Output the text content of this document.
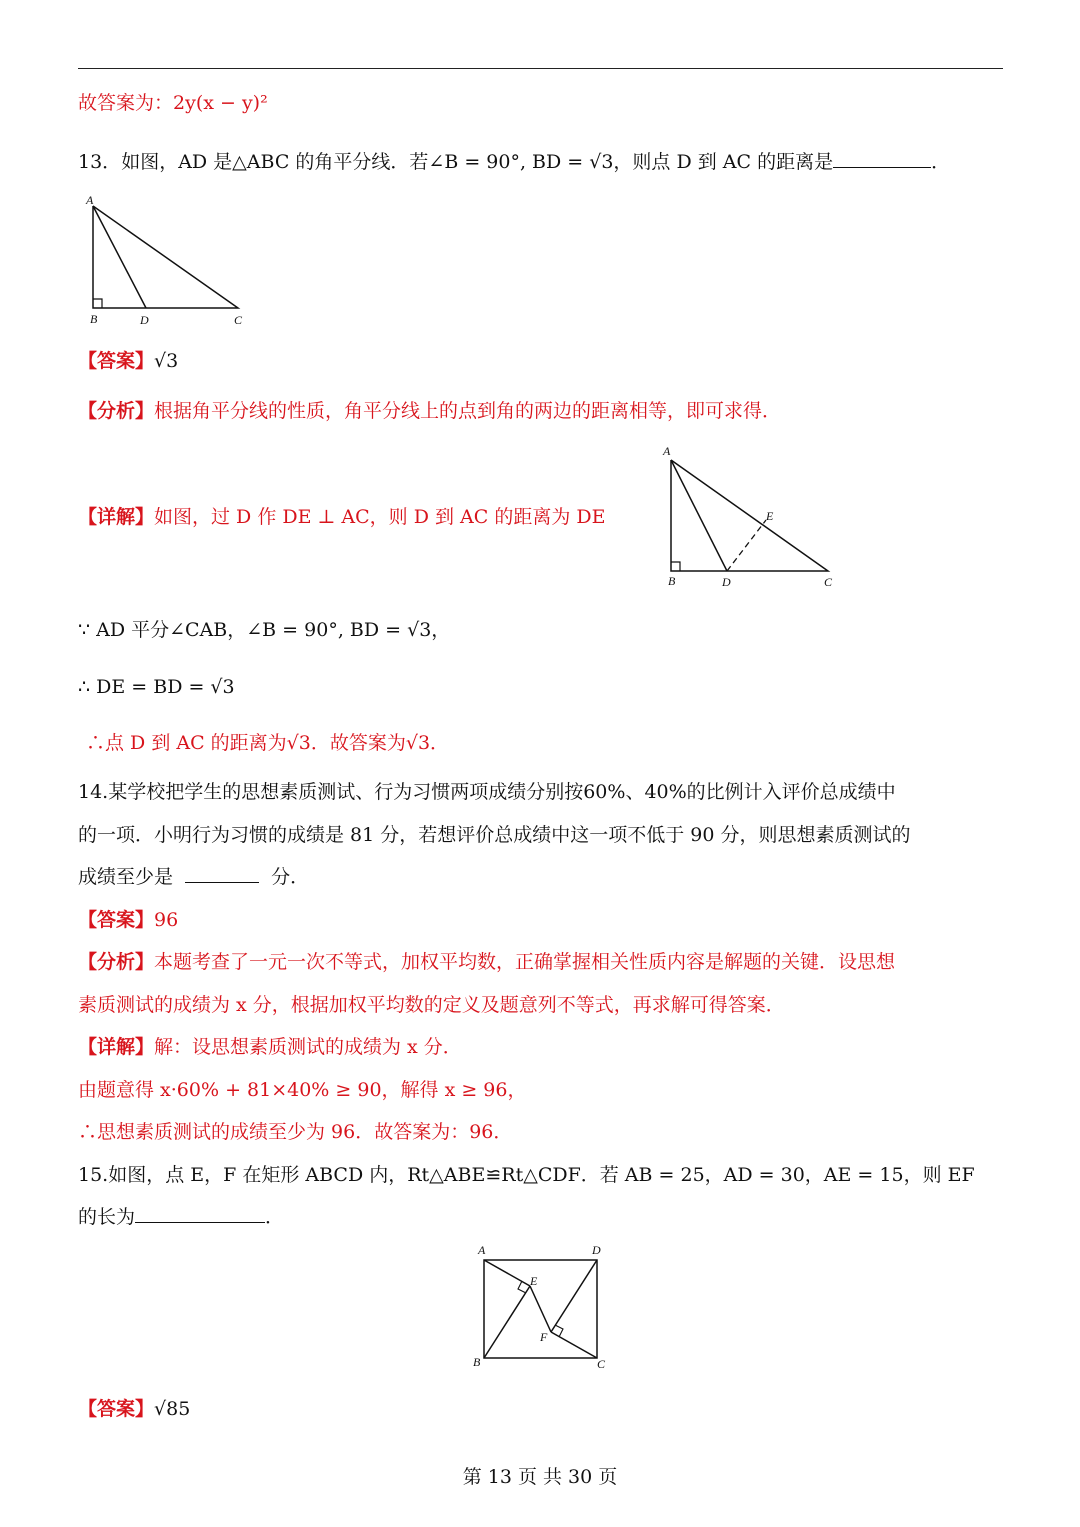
故答案为：2y(x − y)²
13．如图，AD 是△ABC 的角平分线．若∠B = 90°, BD = √3，则点 D 到 AC 的距离是	．
A
B	D	C
【答案】√3
【分析】根据角平分线的性质，角平分线上的点到角的两边的距离相等，即可求得．
【详解】如图，过 D 作 DE ⊥ AC，则 D 到 AC 的距离为 DE
A
B	D	C
E
∵ AD 平分∠CAB，∠B = 90°, BD = √3，
∴ DE = BD = √3
∴点 D 到 AC 的距离为√3．故答案为√3．
14.某学校把学生的思想素质测试、行为习惯两项成绩分别按60%、40%的比例计入评价总成绩中
的一项．小明行为习惯的成绩是 81 分，若想评价总成绩中这一项不低于 90 分，则思想素质测试的
成绩至少是	分．
【答案】96
【分析】本题考查了一元一次不等式，加权平均数，正确掌握相关性质内容是解题的关键．设思想
素质测试的成绩为 x 分，根据加权平均数的定义及题意列不等式，再求解可得答案．
【详解】解：设思想素质测试的成绩为 x 分．
由题意得 x·60% + 81×40% ≥ 90，解得 x ≥ 96，
∴思想素质测试的成绩至少为 96．故答案为：96．
15.如图，点 E，F 在矩形 ABCD 内，Rt△ABE≌Rt△CDF．若 AB = 25，AD = 30，AE = 15，则 EF
的长为	．
A	D
E
F
B	C
【答案】√85
第 13 页 共 30 页
